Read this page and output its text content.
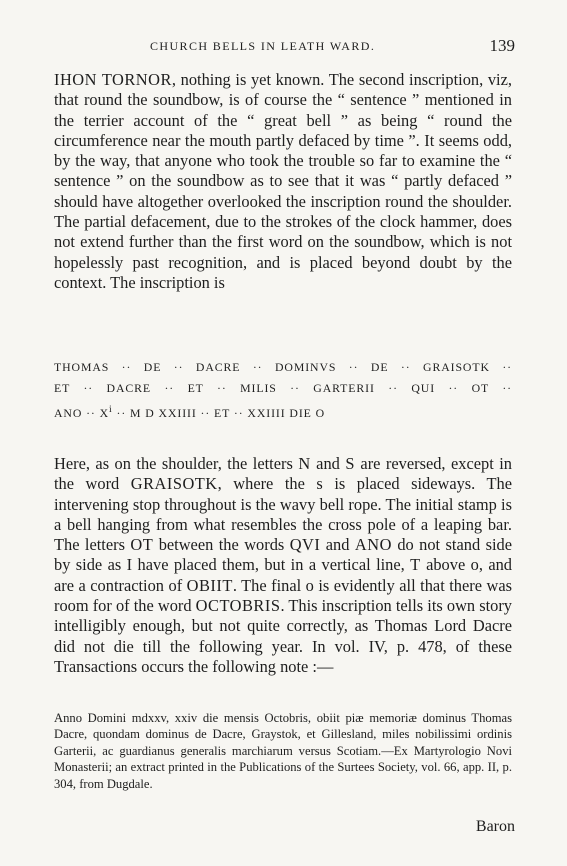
CHURCH BELLS IN LEATH WARD.	139

IHON TORNOR, nothing is yet known. The second inscription, viz, that round the soundbow, is of course the “ sentence ” mentioned in the terrier account of the “ great bell ” as being “ round the circumference near the mouth partly defaced by time ”. It seems odd, by the way, that anyone who took the trouble so far to examine the “ sentence ” on the soundbow as to see that it was “ partly defaced ” should have altogether overlooked the inscription round the shoulder. The partial defacement, due to the strokes of the clock hammer, does not extend further than the first word on the soundbow, which is not hopelessly past recognition, and is placed beyond doubt by the context. The inscription is

THOMAS ·· DE ·· DACRE ·· DOMINVS ·· DE ·· GRAISOTK ··
ET ·· DACRE ·· ET ·· MILIS ·· GARTERII ·· QUI ·· OT ··
ANO ·· $X^i \cdot\cdot M$ D XXIIII ·· ET ·· XXIIII DIE O

Here, as on the shoulder, the letters N and S are reversed, except in the word GRAISOTK, where the s is placed sideways. The intervening stop throughout is the wavy bell rope. The initial stamp is a bell hanging from what resembles the cross pole of a leaping bar. The letters OT between the words QVI and ANO do not stand side by side as I have placed them, but in a vertical line, T above o, and are a contraction of OBIIT. The final o is evidently all that there was room for of the word OCTOBRIS. This inscription tells its own story intelligibly enough, but not quite correctly, as Thomas Lord Dacre did not die till the following year. In vol. IV, p. 478, of these Transactions occurs the following note :—

Anno Domini mdxxv, xxiv die mensis Octobris, obiit piæ memoriæ dominus Thomas Dacre, quondam dominus de Dacre, Graystok, et Gillesland, miles nobilissimi ordinis Garterii, ac guardianus generalis marchiarum versus Scotiam.—Ex Martyrologio Novi Monasterii; an extract printed in the Publications of the Surtees Society, vol. 66, app. II, p. 304, from Dugdale.

Baron
